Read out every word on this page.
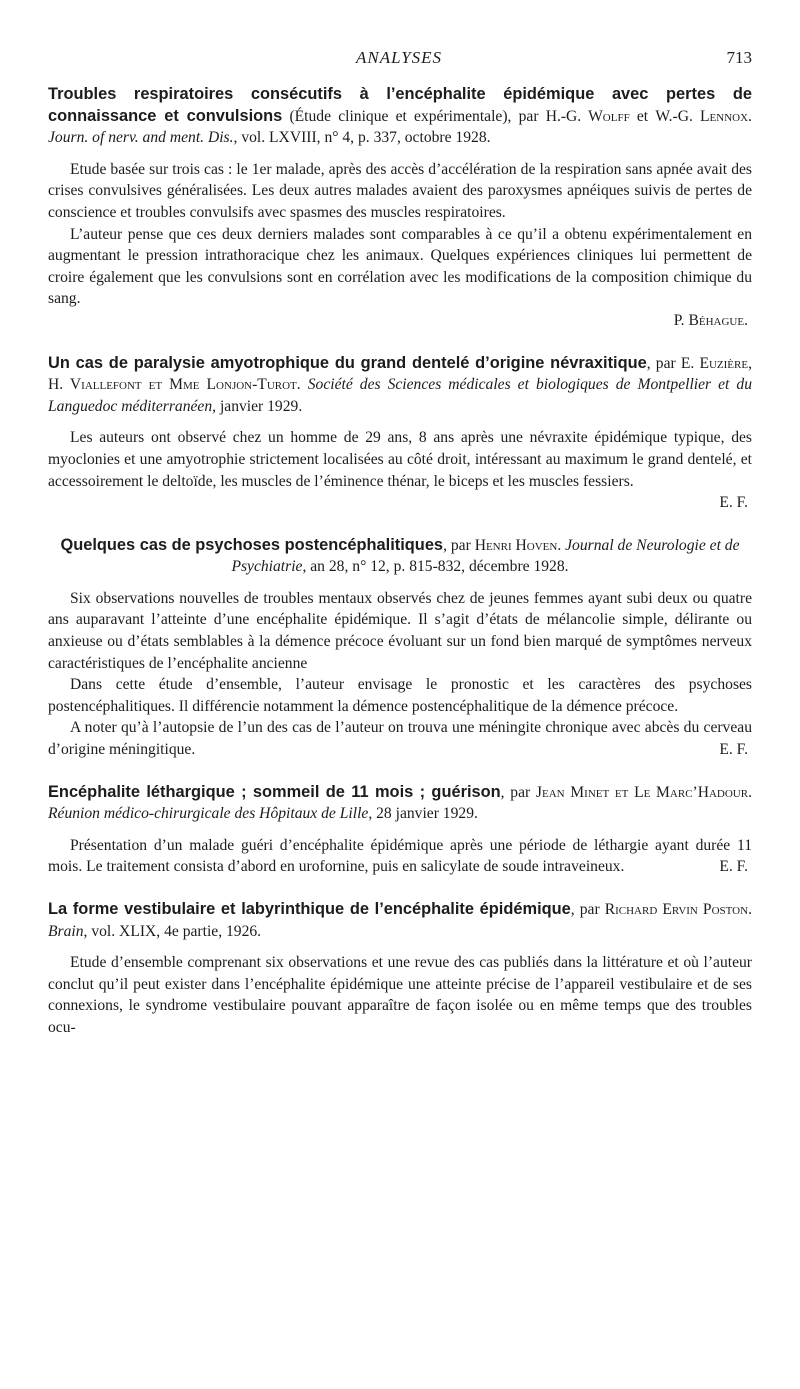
ANALYSES	713

Troubles respiratoires consécutifs à l’encéphalite épidémique avec pertes de connaissance et convulsions (Étude clinique et expérimentale), par H.-G. Wolff et W.-G. Lennox. Journ. of nerv. and ment. Dis., vol. LXVIII, n° 4, p. 337, octobre 1928.

Etude basée sur trois cas : le 1er malade, après des accès d’accélération de la respiration sans apnée avait des crises convulsives généralisées. Les deux autres malades avaient des paroxysmes apnéiques suivis de pertes de conscience et troubles convulsifs avec spasmes des muscles respiratoires.

L’auteur pense que ces deux derniers malades sont comparables à ce qu’il a obtenu expérimentalement en augmentant le pression intrathoracique chez les animaux. Quelques expériences cliniques lui permettent de croire également que les convulsions sont en corrélation avec les modifications de la composition chimique du sang.

P. Béhague.

Un cas de paralysie amyotrophique du grand dentelé d’origine névraxitique, par E. Euzière, H. Viallefont et Mme Lonjon-Turot. Société des Sciences médicales et biologiques de Montpellier et du Languedoc méditerranéen, janvier 1929.

Les auteurs ont observé chez un homme de 29 ans, 8 ans après une névraxite épidémique typique, des myoclonies et une amyotrophie strictement localisées au côté droit, intéressant au maximum le grand dentelé, et accessoirement le deltoïde, les muscles de l’éminence thénar, le biceps et les muscles fessiers.

E. F.

Quelques cas de psychoses postencéphalitiques, par Henri Hoven. Journal de Neurologie et de Psychiatrie, an 28, n° 12, p. 815-832, décembre 1928.

Six observations nouvelles de troubles mentaux observés chez de jeunes femmes ayant subi deux ou quatre ans auparavant l’atteinte d’une encéphalite épidémique. Il s’agit d’états de mélancolie simple, délirante ou anxieuse ou d’états semblables à la démence précoce évoluant sur un fond bien marqué de symptômes nerveux caractéristiques de l’encéphalite ancienne

Dans cette étude d’ensemble, l’auteur envisage le pronostic et les caractères des psychoses postencéphalitiques. Il différencie notamment la démence postencéphalitique de la démence précoce.

A noter qu’à l’autopsie de l’un des cas de l’auteur on trouva une méningite chronique avec abcès du cerveau d’origine méningitique.	E. F.

Encéphalite léthargique ; sommeil de 11 mois ; guérison, par Jean Minet et Le Marc’Hadour. Réunion médico-chirurgicale des Hôpitaux de Lille, 28 janvier 1929.

Présentation d’un malade guéri d’encéphalite épidémique après une période de léthargie ayant durée 11 mois. Le traitement consista d’abord en urofornine, puis en salicylate de soude intraveineux.	E. F.

La forme vestibulaire et labyrinthique de l’encéphalite épidémique, par Richard Ervin Poston. Brain, vol. XLIX, 4e partie, 1926.

Etude d’ensemble comprenant six observations et une revue des cas publiés dans la littérature et où l’auteur conclut qu’il peut exister dans l’encéphalite épidémique une atteinte précise de l’appareil vestibulaire et de ses connexions, le syndrome vestibulaire pouvant apparaître de façon isolée ou en même temps que des troubles ocu-
